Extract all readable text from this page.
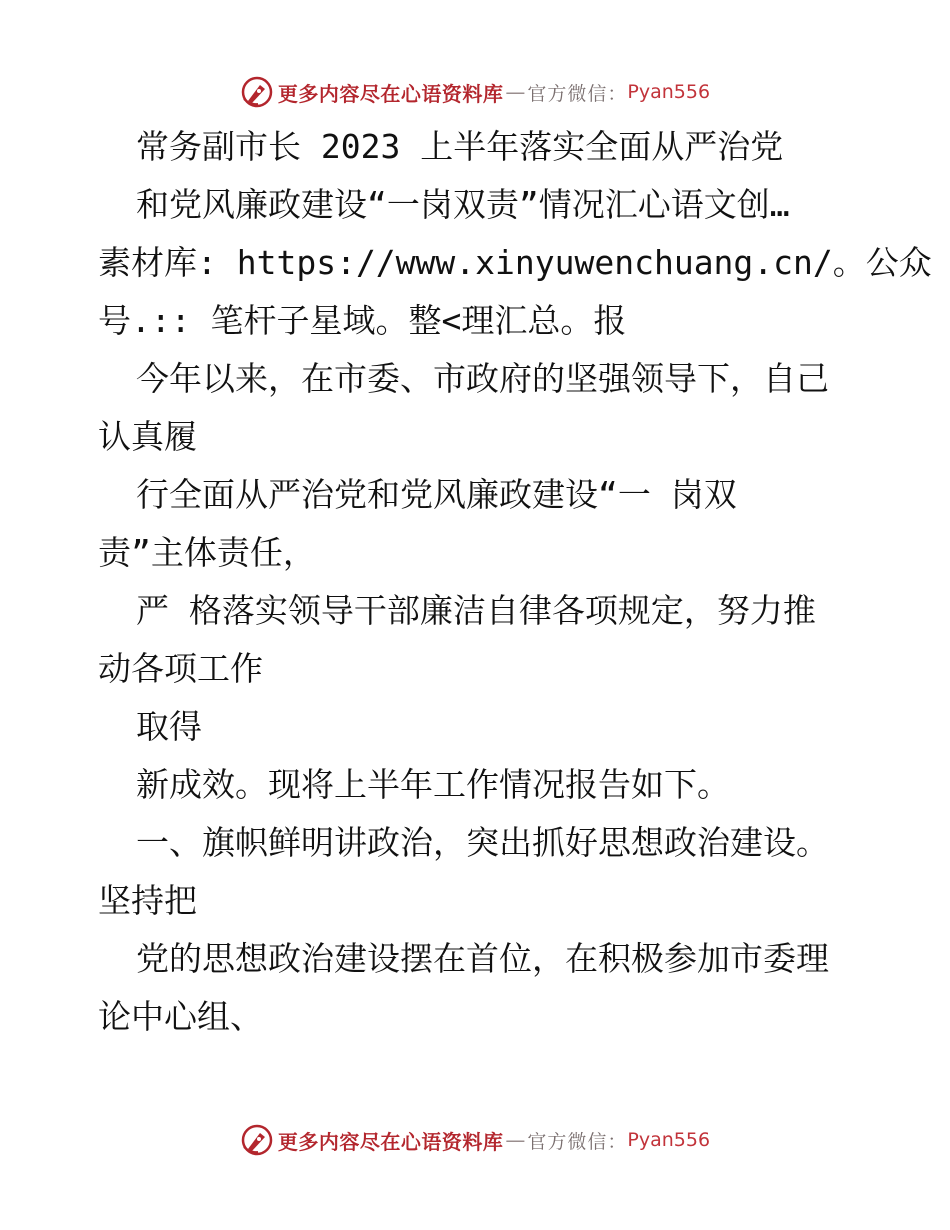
更多内容尽在心语资料库 — 官方微信： Pyan556
常务副市长 2023 上半年落实全面从严治党
和党风廉政建设“一岗双责”情况汇心语文创…
素材库: https://www.xinyuwenchuang.cn/。公众
号.:: 笔杆子星域。整<理汇总。报
今年以来，在市委、市政府的坚强领导下，自己
认真履
行全面从严治党和党风廉政建设“一 岗双
责”主体责任，
严 格落实领导干部廉洁自律各项规定，努力推
动各项工作
取得
新成效。现将上半年工作情况报告如下。
一、旗帜鲜明讲政治，突出抓好思想政治建设。
坚持把
党的思想政治建设摆在首位，在积极参加市委理
论中心组、
更多内容尽在心语资料库 — 官方微信： Pyan556
